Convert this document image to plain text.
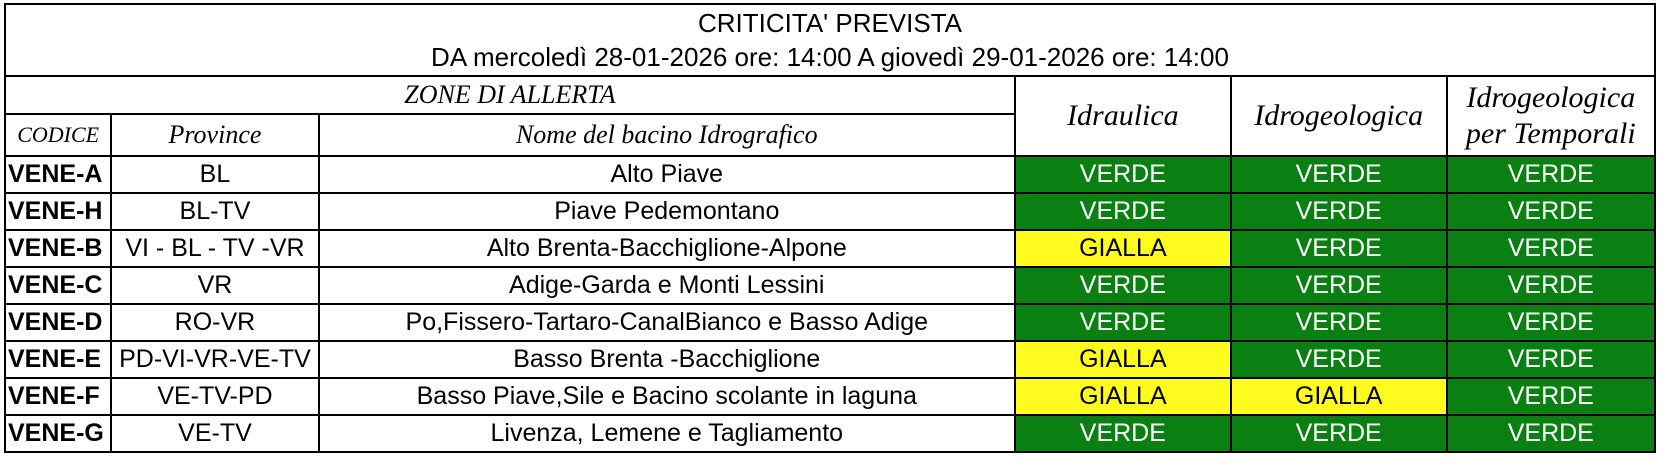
CRITICITA' PREVISTA
DA mercoledì 28-01-2026 ore: 14:00 A giovedì 29-01-2026 ore: 14:00					

ZONE DI ALLERTA			Idraulica	Idrogeologica	Idrogeologica
per Temporali

CODICE	Province	Nome del bacino Idrografico			
VENE-A	BL	Alto Piave	VERDE	VERDE	VERDE
VENE-H	BL-TV	Piave Pedemontano	VERDE	VERDE	VERDE
VENE-B	VI - BL - TV -VR	Alto Brenta-Bacchiglione-Alpone	GIALLA	VERDE	VERDE
VENE-C	VR	Adige-Garda e Monti Lessini	VERDE	VERDE	VERDE
VENE-D	RO-VR	Po,Fissero-Tartaro-CanalBianco e Basso Adige	VERDE	VERDE	VERDE
VENE-E	PD-VI-VR-VE-TV	Basso Brenta -Bacchiglione	GIALLA	VERDE	VERDE
VENE-F	VE-TV-PD	Basso Piave,Sile e Bacino scolante in laguna	GIALLA	GIALLA	VERDE
VENE-G	VE-TV	Livenza, Lemene e Tagliamento	VERDE	VERDE	VERDE
